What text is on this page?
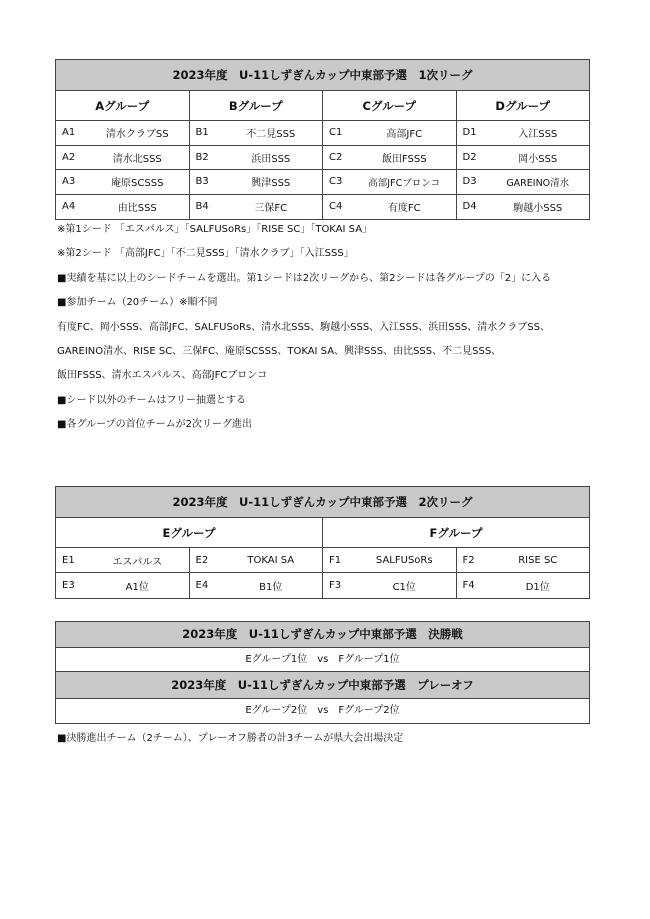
2023年度　U-11しずぎんカップ中東部予選　1次リーグ
Aグループ	Bグループ	Cグループ	Dグループ
A1	清水クラブSS	B1	不二見SSS	C1	高部JFC	D1	入江SSS
A2	清水北SSS	B2	浜田SSS	C2	飯田FSSS	D2	岡小SSS
A3	庵原SCSSS	B3	興津SSS	C3	高部JFCブロンコ	D3	GAREINO清水
A4	由比SSS	B4	三保FC	C4	有度FC	D4	駒越小SSS
※第1シード 「エスパルス」「SALFUSoRs」「RISE SC」「TOKAI SA」
※第2シード 「高部JFC」「不二見SSS」「清水クラブ」「入江SSS」
■実績を基に以上のシードチームを選出。第1シードは2次リーグから、第2シードは各グループの「2」に入る
■参加チーム（20チーム）※順不同
有度FC、岡小SSS、高部JFC、SALFUSoRs、清水北SSS、駒越小SSS、入江SSS、浜田SSS、清水クラブSS、
GAREINO清水、RISE SC、三保FC、庵原SCSSS、TOKAI SA、興津SSS、由比SSS、不二見SSS、
飯田FSSS、清水エスパルス、高部JFCブロンコ
■シード以外のチームはフリー抽選とする
■各グループの首位チームが2次リーグ進出
2023年度　U-11しずぎんカップ中東部予選　2次リーグ
Eグループ	Fグループ
E1	エスパルス	E2	TOKAI SA	F1	SALFUSoRs	F2	RISE SC
E3	A1位	E4	B1位	F3	C1位	F4	D1位
2023年度　U-11しずぎんカップ中東部予選　決勝戦
Eグループ1位　vs　Fグループ1位
2023年度　U-11しずぎんカップ中東部予選　プレーオフ
Eグループ2位　vs　Fグループ2位
■決勝進出チーム（2チーム）、プレーオフ勝者の計3チームが県大会出場決定
